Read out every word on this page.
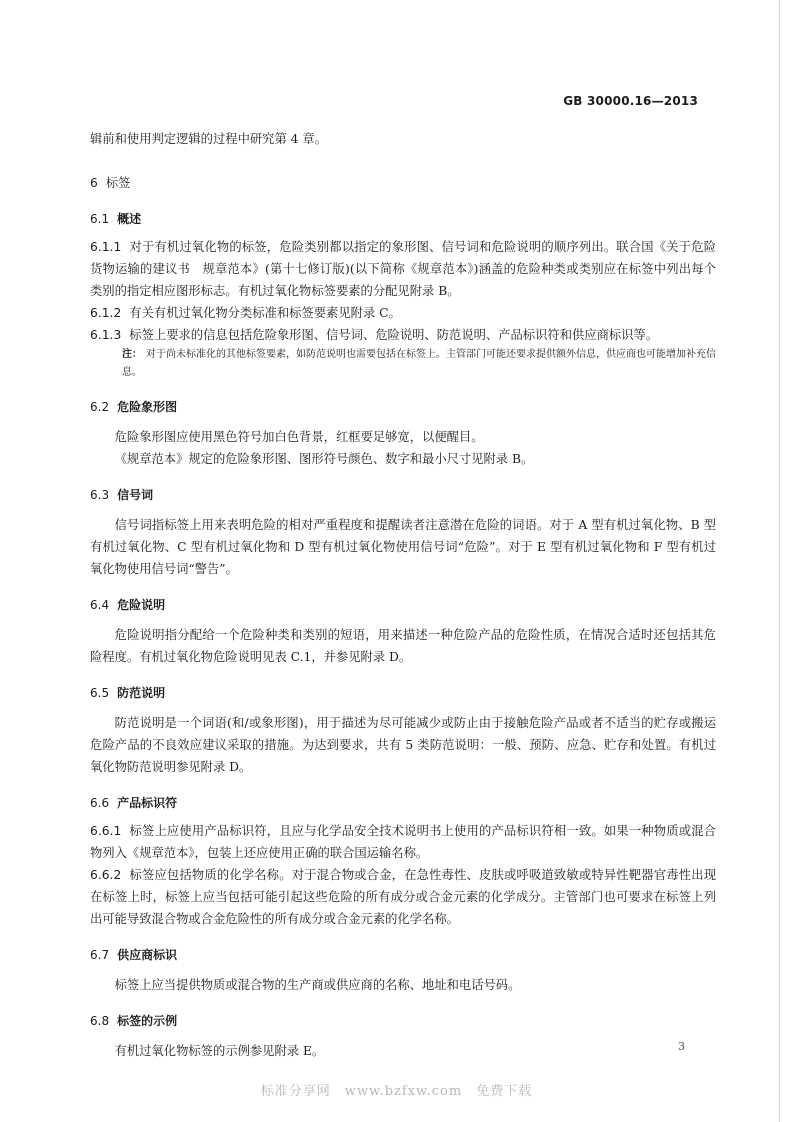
GB 30000.16—2013

辑前和使用判定逻辑的过程中研究第 4 章。

6 标签

6.1 概述

6.1.1 对于有机过氧化物的标签，危险类别都以指定的象形图、信号词和危险说明的顺序列出。联合国《关于危险货物运输的建议书　规章范本》(第十七修订版)(以下简称《规章范本》)涵盖的危险种类或类别应在标签中列出每个类别的指定相应图形标志。有机过氧化物标签要素的分配见附录 B。

6.1.2 有关有机过氧化物分类标准和标签要素见附录 C。

6.1.3 标签上要求的信息包括危险象形图、信号词、危险说明、防范说明、产品标识符和供应商标识等。

注： 对于尚未标准化的其他标签要素，如防范说明也需要包括在标签上。主管部门可能还要求提供额外信息，供应商也可能增加补充信息。

6.2 危险象形图

危险象形图应使用黑色符号加白色背景，红框要足够宽，以便醒目。

《规章范本》规定的危险象形图、图形符号颜色、数字和最小尺寸见附录 B。

6.3 信号词

信号词指标签上用来表明危险的相对严重程度和提醒读者注意潜在危险的词语。对于 A 型有机过氧化物、B 型有机过氧化物、C 型有机过氧化物和 D 型有机过氧化物使用信号词“危险”。对于 E 型有机过氧化物和 F 型有机过氧化物使用信号词“警告”。

6.4 危险说明

危险说明指分配给一个危险种类和类别的短语，用来描述一种危险产品的危险性质，在情况合适时还包括其危险程度。有机过氧化物危险说明见表 C.1，并参见附录 D。

6.5 防范说明

防范说明是一个词语(和/或象形图)，用于描述为尽可能减少或防止由于接触危险产品或者不适当的贮存或搬运危险产品的不良效应建议采取的措施。为达到要求，共有 5 类防范说明：一般、预防、应急、贮存和处置。有机过氧化物防范说明参见附录 D。

6.6 产品标识符

6.6.1 标签上应使用产品标识符，且应与化学品安全技术说明书上使用的产品标识符相一致。如果一种物质或混合物列入《规章范本》，包装上还应使用正确的联合国运输名称。

6.6.2 标签应包括物质的化学名称。对于混合物或合金，在急性毒性、皮肤或呼吸道致敏或特异性靶器官毒性出现在标签上时，标签上应当包括可能引起这些危险的所有成分或合金元素的化学成分。主管部门也可要求在标签上列出可能导致混合物或合金危险性的所有成分或合金元素的化学名称。

6.7 供应商标识

标签上应当提供物质或混合物的生产商或供应商的名称、地址和电话号码。

6.8 标签的示例

有机过氧化物标签的示例参见附录 E。	3
标准分享网　www.bzfxw.com　免费下载
